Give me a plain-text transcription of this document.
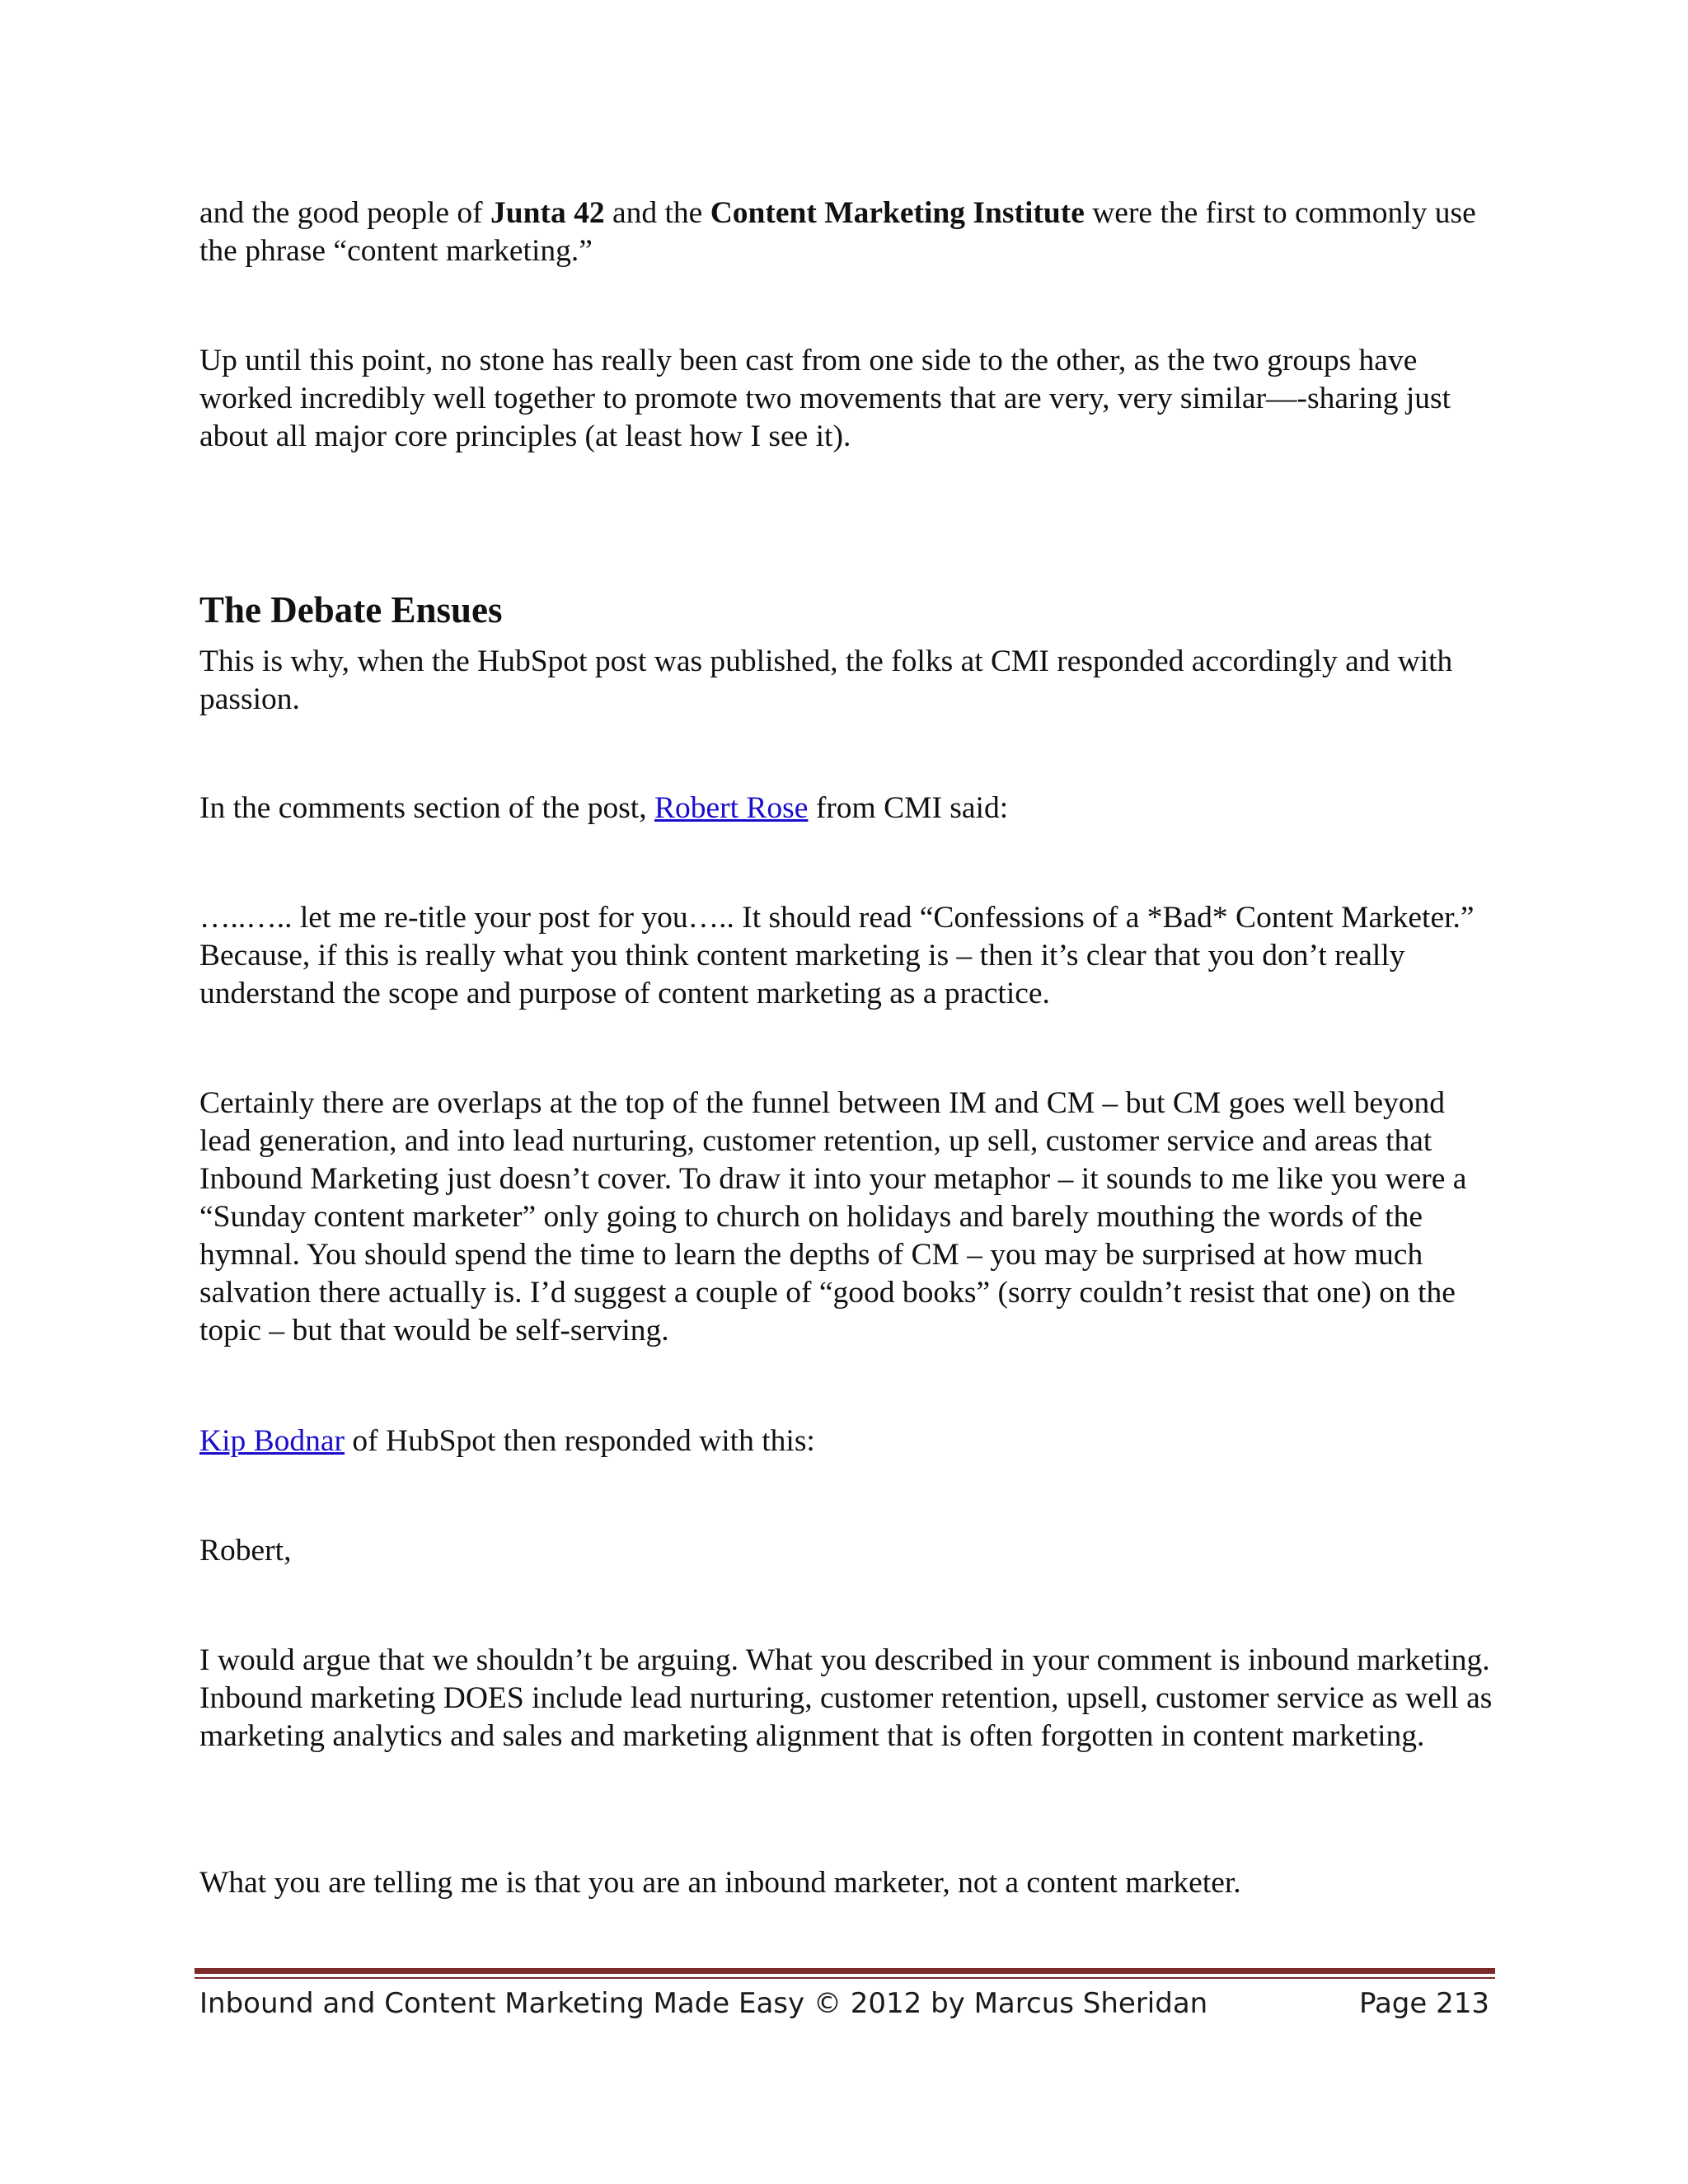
and the good people of Junta 42 and the Content Marketing Institute were the first to commonly use the phrase “content marketing.”

Up until this point, no stone has really been cast from one side to the other, as the two groups have worked incredibly well together to promote two movements that are very, very similar—-sharing just about all major core principles (at least how I see it).

The Debate Ensues

This is why, when the HubSpot post was published, the folks at CMI responded accordingly and with passion.

In the comments section of the post, Robert Rose from CMI said:

…..….. let me re-title your post for you….. It should read “Confessions of a *Bad* Content Marketer.” Because, if this is really what you think content marketing is – then it’s clear that you don’t really understand the scope and purpose of content marketing as a practice.

Certainly there are overlaps at the top of the funnel between IM and CM – but CM goes well beyond lead generation, and into lead nurturing, customer retention, up sell, customer service and areas that Inbound Marketing just doesn’t cover. To draw it into your metaphor – it sounds to me like you were a “Sunday content marketer” only going to church on holidays and barely mouthing the words of the hymnal. You should spend the time to learn the depths of CM – you may be surprised at how much salvation there actually is. I’d suggest a couple of “good books” (sorry couldn’t resist that one) on the topic – but that would be self-serving.

Kip Bodnar of HubSpot then responded with this:

Robert,

I would argue that we shouldn’t be arguing. What you described in your comment is inbound marketing. Inbound marketing DOES include lead nurturing, customer retention, upsell, customer service as well as marketing analytics and sales and marketing alignment that is often forgotten in content marketing.

What you are telling me is that you are an inbound marketer, not a content marketer.

Inbound and Content Marketing Made Easy © 2012 by Marcus Sheridan	Page 213
